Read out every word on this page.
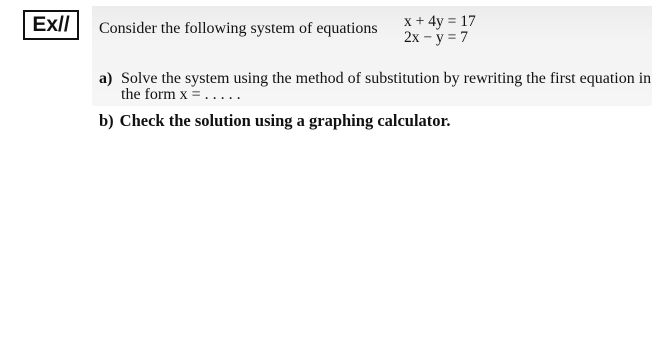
Ex//	Consider the following system of equations x + 4y = 17
2x − y = 7
a) Solve the system using the method of substitution by rewriting the first equation in
the form x = . . . . .
b) Check the solution using a graphing calculator.
